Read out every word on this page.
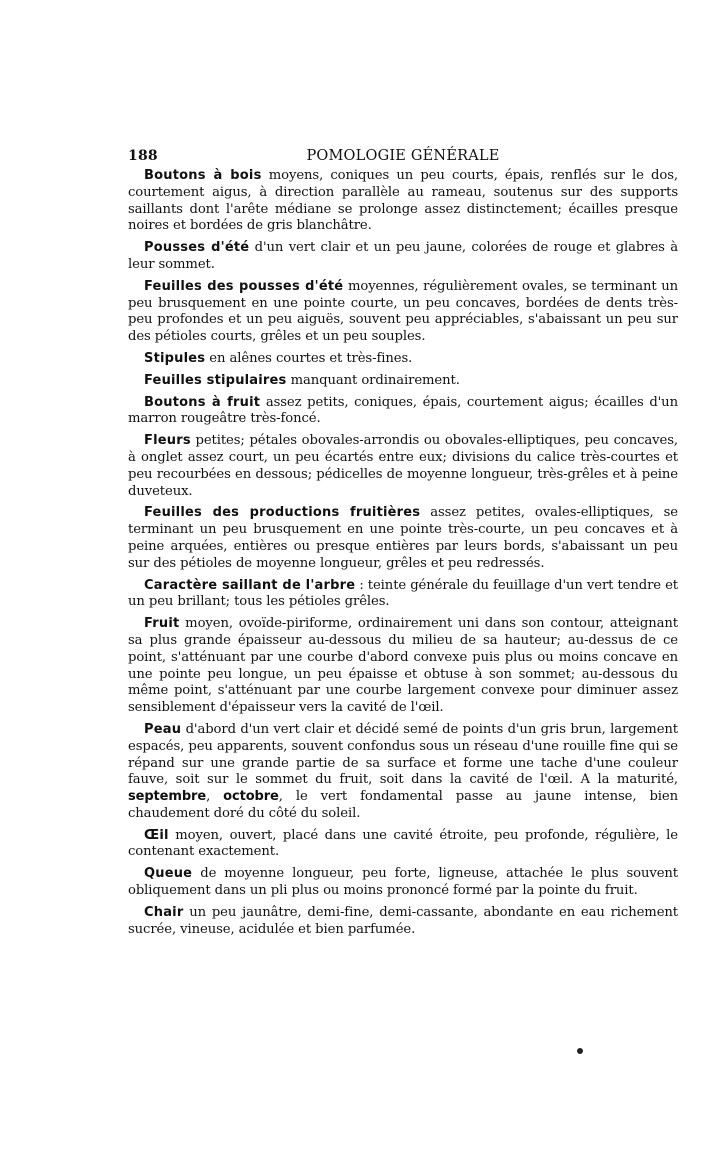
188	POMOLOGIE GÉNÉRALE

Boutons à bois moyens, coniques un peu courts, épais, renflés sur le dos, courtement aigus, à direction parallèle au rameau, soutenus sur des supports saillants dont l'arête médiane se prolonge assez distinctement; écailles presque noires et bordées de gris blanchâtre.

Pousses d'été d'un vert clair et un peu jaune, colorées de rouge et glabres à leur sommet.

Feuilles des pousses d'été moyennes, régulièrement ovales, se terminant un peu brusquement en une pointe courte, un peu concaves, bordées de dents très-peu profondes et un peu aiguës, souvent peu appréciables, s'abaissant un peu sur des pétioles courts, grêles et un peu souples.

Stipules en alênes courtes et très-fines.

Feuilles stipulaires manquant ordinairement.

Boutons à fruit assez petits, coniques, épais, courtement aigus; écailles d'un marron rougeâtre très-foncé.

Fleurs petites; pétales obovales-arrondis ou obovales-elliptiques, peu concaves, à onglet assez court, un peu écartés entre eux; divisions du calice très-courtes et peu recourbées en dessous; pédicelles de moyenne longueur, très-grêles et à peine duveteux.

Feuilles des productions fruitières assez petites, ovales-elliptiques, se terminant un peu brusquement en une pointe très-courte, un peu concaves et à peine arquées, entières ou presque entières par leurs bords, s'abaissant un peu sur des pétioles de moyenne longueur, grêles et peu redressés.

Caractère saillant de l'arbre : teinte générale du feuillage d'un vert tendre et un peu brillant; tous les pétioles grêles.

Fruit moyen, ovoïde-piriforme, ordinairement uni dans son contour, atteignant sa plus grande épaisseur au-dessous du milieu de sa hauteur; au-dessus de ce point, s'atténuant par une courbe d'abord convexe puis plus ou moins concave en une pointe peu longue, un peu épaisse et obtuse à son sommet; au-dessous du même point, s'atténuant par une courbe largement convexe pour diminuer assez sensiblement d'épaisseur vers la cavité de l'œil.

Peau d'abord d'un vert clair et décidé semé de points d'un gris brun, largement espacés, peu apparents, souvent confondus sous un réseau d'une rouille fine qui se répand sur une grande partie de sa surface et forme une tache d'une couleur fauve, soit sur le sommet du fruit, soit dans la cavité de l'œil. A la maturité, septembre, octobre, le vert fondamental passe au jaune intense, bien chaudement doré du côté du soleil.

Œil moyen, ouvert, placé dans une cavité étroite, peu profonde, régulière, le contenant exactement.

Queue de moyenne longueur, peu forte, ligneuse, attachée le plus souvent obliquement dans un pli plus ou moins prononcé formé par la pointe du fruit.

Chair un peu jaunâtre, demi-fine, demi-cassante, abondante en eau richement sucrée, vineuse, acidulée et bien parfumée.
